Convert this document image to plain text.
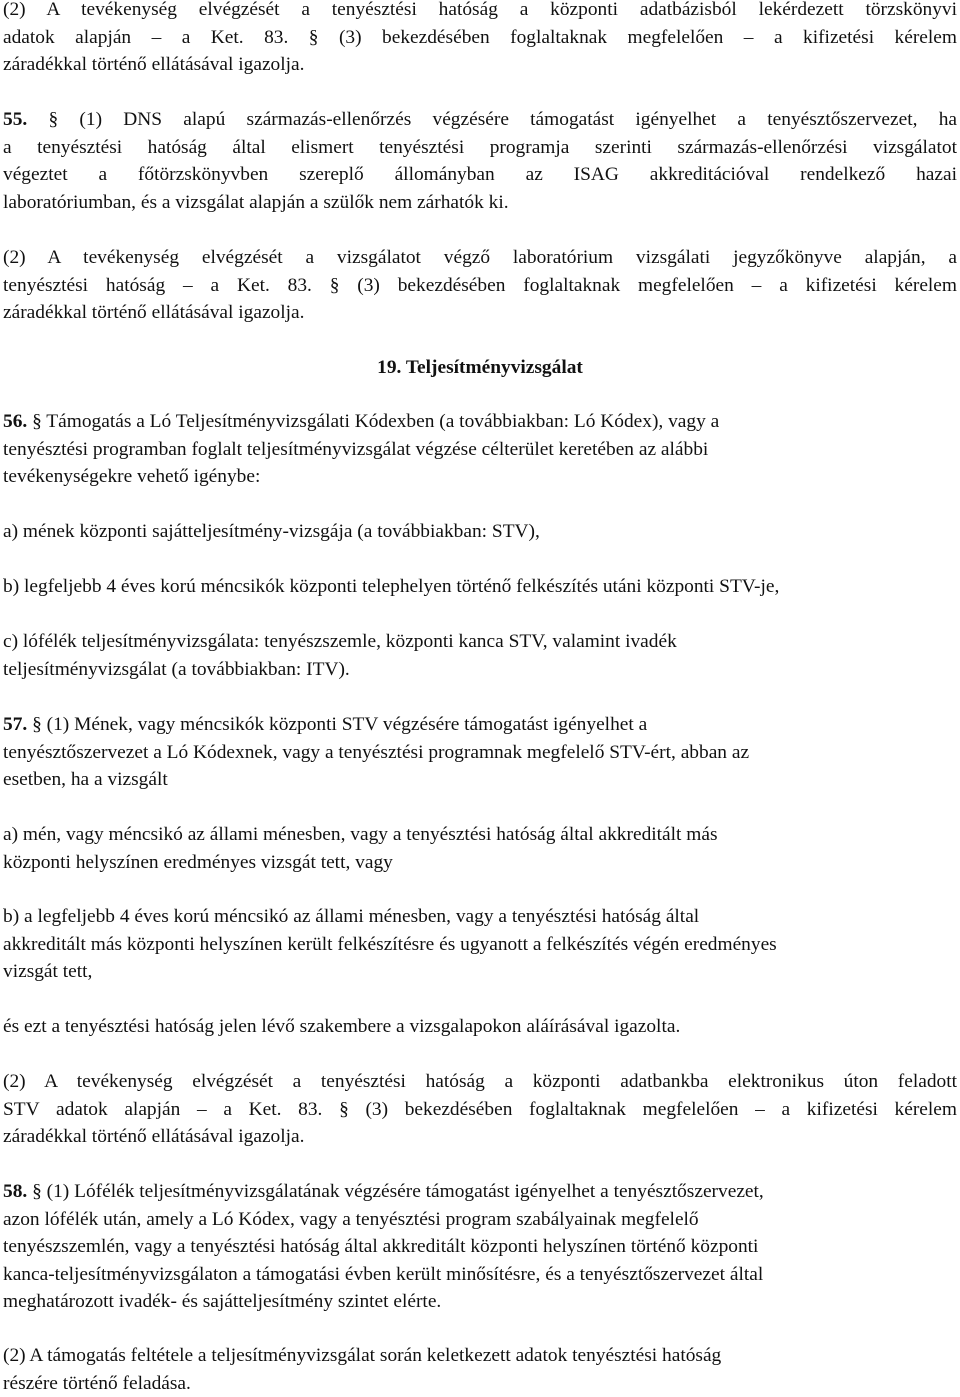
(2) A tevékenység elvégzését a tenyésztési hatóság a központi adatbázisból lekérdezett törzskönyvi
adatok alapján – a Ket. 83. § (3) bekezdésében foglaltaknak megfelelően – a kifizetési kérelem
záradékkal történő ellátásával igazolja.
55. § (1) DNS alapú származás-ellenőrzés végzésére támogatást igényelhet a tenyésztőszervezet, ha
a tenyésztési hatóság által elismert tenyésztési programja szerinti származás-ellenőrzési vizsgálatot
végeztet a főtörzskönyvben szereplő állományban az ISAG akkreditációval rendelkező hazai
laboratóriumban, és a vizsgálat alapján a szülők nem zárhatók ki.
(2) A tevékenység elvégzését a vizsgálatot végző laboratórium vizsgálati jegyzőkönyve alapján, a
tenyésztési hatóság – a Ket. 83. § (3) bekezdésében foglaltaknak megfelelően – a kifizetési kérelem
záradékkal történő ellátásával igazolja.
19. Teljesítményvizsgálat
56. § Támogatás a Ló Teljesítményvizsgálati Kódexben (a továbbiakban: Ló Kódex), vagy a
tenyésztési programban foglalt teljesítményvizsgálat végzése célterület keretében az alábbi
tevékenységekre vehető igénybe:
a) mének központi sajátteljesítmény-vizsgája (a továbbiakban: STV),
b) legfeljebb 4 éves korú méncsikók központi telephelyen történő felkészítés utáni központi STV-je,
c) lófélék teljesítményvizsgálata: tenyészszemle, központi kanca STV, valamint ivadék
teljesítményvizsgálat (a továbbiakban: ITV).
57. § (1) Mének, vagy méncsikók központi STV végzésére támogatást igényelhet a
tenyésztőszervezet a Ló Kódexnek, vagy a tenyésztési programnak megfelelő STV-ért, abban az
esetben, ha a vizsgált
a) mén, vagy méncsikó az állami ménesben, vagy a tenyésztési hatóság által akkreditált más
központi helyszínen eredményes vizsgát tett, vagy
b) a legfeljebb 4 éves korú méncsikó az állami ménesben, vagy a tenyésztési hatóság által
akkreditált más központi helyszínen került felkészítésre és ugyanott a felkészítés végén eredményes
vizsgát tett,
és ezt a tenyésztési hatóság jelen lévő szakembere a vizsgalapokon aláírásával igazolta.
(2) A tevékenység elvégzését a tenyésztési hatóság a központi adatbankba elektronikus úton feladott
STV adatok alapján – a Ket. 83. § (3) bekezdésében foglaltaknak megfelelően – a kifizetési kérelem
záradékkal történő ellátásával igazolja.
58. § (1) Lófélék teljesítményvizsgálatának végzésére támogatást igényelhet a tenyésztőszervezet,
azon lófélék után, amely a Ló Kódex, vagy a tenyésztési program szabályainak megfelelő
tenyészszemlén, vagy a tenyésztési hatóság által akkreditált központi helyszínen történő központi
kanca-teljesítményvizsgálaton a támogatási évben került minősítésre, és a tenyésztőszervezet által
meghatározott ivadék- és sajátteljesítmény szintet elérte.
(2) A támogatás feltétele a teljesítményvizsgálat során keletkezett adatok tenyésztési hatóság
részére történő feladása.
